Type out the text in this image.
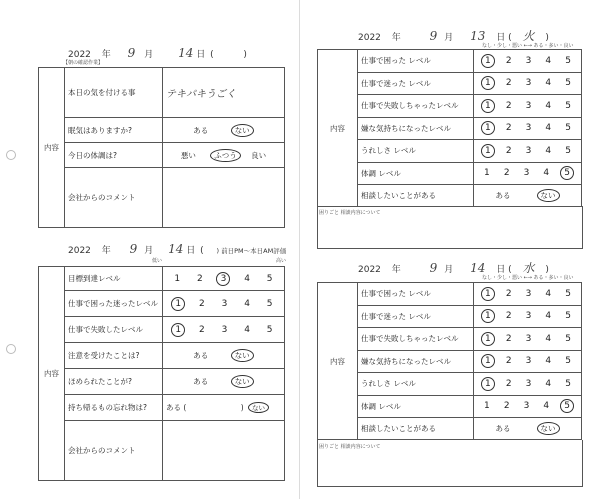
2022 年 9 月 14 日 (	)
【朝の確認作業】
内容	本日の気を付ける事	テキパキうごく
	眠気はありますか?	ある ない
	今日の体調は?	悪い ふつう 良い
	会社からのコメント	
2022 年 9 月 14 日 ( ) 前日PM〜本日AM評価
低い	高い
内容	目標到達レベル	1 2 3 4 5

	仕事で困った迷ったレベル	1 2 3 4 5

	仕事で失敗したレベル	1 2 3 4 5

	注意を受けたことは?	ある ない
	ほめられたことが?	ある ない
	持ち帰るもの忘れ物は?	ある ( ) ない
	会社からのコメント	
2022 年 9 月 13 日 ( 火 )
なし・少し・悪い ←→ ある・多い・良い
内容	仕事で困った レベル	1 2 3 4 5

	仕事で迷った レベル	1 2 3 4 5

	仕事で失敗しちゃったレベル	1 2 3 4 5

	嫌な気持ちになったレベル	1 2 3 4 5

	うれしさ レベル	1 2 3 4 5

	体調 レベル	1 2 3 4 5

	相談したいことがある	ある ない
困りごと 相談内容について
2022 年 9 月 14 日 ( 水 )
なし・少し・悪い ←→ ある・多い・良い
内容	仕事で困った レベル	1 2 3 4 5

	仕事で迷った レベル	1 2 3 4 5

	仕事で失敗しちゃったレベル	1 2 3 4 5

	嫌な気持ちになったレベル	1 2 3 4 5

	うれしさ レベル	1 2 3 4 5

	体調 レベル	1 2 3 4 5

	相談したいことがある	ある ない
困りごと 相談内容について
